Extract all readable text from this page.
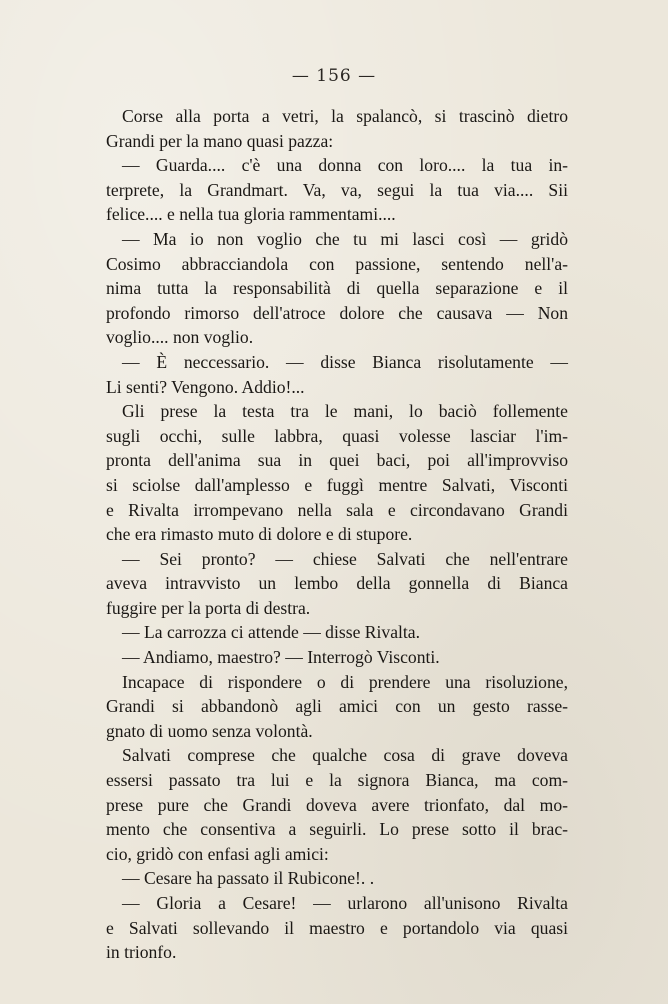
— 156 —
Corse alla porta a vetri, la spalancò, si trascinò dietro
Grandi per la mano quasi pazza:
— Guarda.... c'è una donna con loro.... la tua in-
terprete, la Grandmart. Va, va, segui la tua via.... Sii
felice.... e nella tua gloria rammentami....
— Ma io non voglio che tu mi lasci così — gridò
Cosimo abbracciandola con passione, sentendo nell'a-
nima tutta la responsabilità di quella separazione e il
profondo rimorso dell'atroce dolore che causava — Non
voglio.... non voglio.
— È neccessario. — disse Bianca risolutamente —
Li senti? Vengono. Addio!...
Gli prese la testa tra le mani, lo baciò follemente
sugli occhi, sulle labbra, quasi volesse lasciar l'im-
pronta dell'anima sua in quei baci, poi all'improvviso
si sciolse dall'amplesso e fuggì mentre Salvati, Visconti
e Rivalta irrompevano nella sala e circondavano Grandi
che era rimasto muto di dolore e di stupore.
— Sei pronto? — chiese Salvati che nell'entrare
aveva intravvisto un lembo della gonnella di Bianca
fuggire per la porta di destra.
— La carrozza ci attende — disse Rivalta.
— Andiamo, maestro? — Interrogò Visconti.
Incapace di rispondere o di prendere una risoluzione,
Grandi si abbandonò agli amici con un gesto rasse-
gnato di uomo senza volontà.
Salvati comprese che qualche cosa di grave doveva
essersi passato tra lui e la signora Bianca, ma com-
prese pure che Grandi doveva avere trionfato, dal mo-
mento che consentiva a seguirli. Lo prese sotto il brac-
cio, gridò con enfasi agli amici:
— Cesare ha passato il Rubicone!. .
— Gloria a Cesare! — urlarono all'unisono Rivalta
e Salvati sollevando il maestro e portandolo via quasi
in trionfo.
